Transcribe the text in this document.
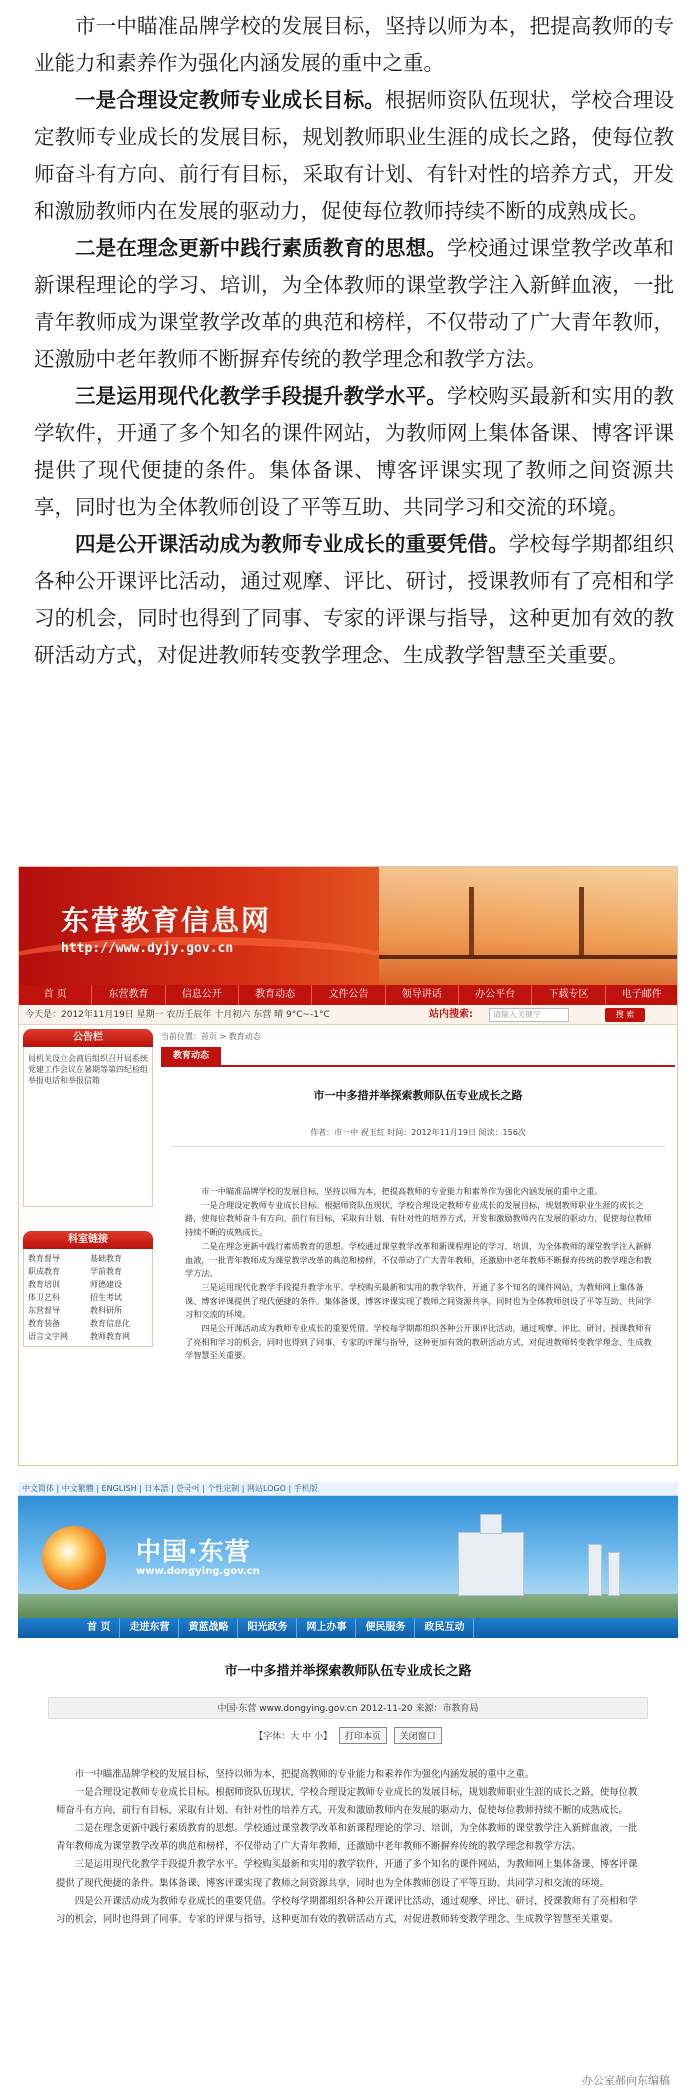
市一中瞄准品牌学校的发展目标，坚持以师为本，把提高教师的专业能力和素养作为强化内涵发展的重中之重。

一是合理设定教师专业成长目标。根据师资队伍现状，学校合理设定教师专业成长的发展目标，规划教师职业生涯的成长之路，使每位教师奋斗有方向、前行有目标，采取有计划、有针对性的培养方式，开发和激励教师内在发展的驱动力，促使每位教师持续不断的成熟成长。

二是在理念更新中践行素质教育的思想。学校通过课堂教学改革和新课程理论的学习、培训，为全体教师的课堂教学注入新鲜血液，一批青年教师成为课堂教学改革的典范和榜样，不仅带动了广大青年教师，还激励中老年教师不断摒弃传统的教学理念和教学方法。

三是运用现代化教学手段提升教学水平。学校购买最新和实用的教学软件，开通了多个知名的课件网站，为教师网上集体备课、博客评课提供了现代便捷的条件。集体备课、博客评课实现了教师之间资源共享，同时也为全体教师创设了平等互助、共同学习和交流的环境。

四是公开课活动成为教师专业成长的重要凭借。学校每学期都组织各种公开课评比活动，通过观摩、评比、研讨，授课教师有了亮相和学习的机会，同时也得到了同事、专家的评课与指导，这种更加有效的教研活动方式，对促进教师转变教学理念、生成教学智慧至关重要。

东营教育信息网
http://www.dyjy.gov.cn
首 页	东营教育	信息公开	教育动态	文件公告	领导讲话	办公平台	下载专区	电子邮件
今天是：2012年11月19日 星期一 农历壬辰年 十月初六 东营 晴 9°C~-1°C	站内搜索:	请输入关键字	搜 索
公告栏
局机关设立会商后组织召开局系统党建工作会议在暑期等第四纪检组举报电话和举报信箱
科室链接
教育督导	基础教育
职成教育	学前教育
教育培训	师德建设
体卫艺科	招生考试
东营督导	教科研所
教育装备	教育信息化
语言文字网	教师教育网
当前位置：首页 > 教育动态
教育动态
市一中多措并举探索教师队伍专业成长之路
作者：市一中 祝玉红 时间：2012年11月19日 阅读：156次

市一中瞄准品牌学校的发展目标，坚持以师为本，把提高教师的专业能力和素养作为强化内涵发展的重中之重。

一是合理设定教师专业成长目标。根据师资队伍现状，学校合理设定教师专业成长的发展目标，规划教师职业生涯的成长之路，使每位教师奋斗有方向、前行有目标，采取有计划、有针对性的培养方式，开发和激励教师内在发展的驱动力，促使每位教师持续不断的成熟成长。

二是在理念更新中践行素质教育的思想。学校通过课堂教学改革和新课程理论的学习、培训，为全体教师的课堂教学注入新鲜血液，一批青年教师成为课堂教学改革的典范和榜样，不仅带动了广大青年教师，还激励中老年教师不断摒弃传统的教学理念和教学方法。

三是运用现代化教学手段提升教学水平。学校购买最新和实用的教学软件，开通了多个知名的课件网站，为教师网上集体备课、博客评课提供了现代便捷的条件。集体备课、博客评课实现了教师之间资源共享，同时也为全体教师创设了平等互助、共同学习和交流的环境。

四是公开课活动成为教师专业成长的重要凭借。学校每学期都组织各种公开课评比活动，通过观摩、评比、研讨，授课教师有了亮相和学习的机会，同时也得到了同事、专家的评课与指导，这种更加有效的教研活动方式，对促进教师转变教学理念、生成教学智慧至关重要。

中文简体 | 中文繁體 | ENGLISH | 日本語 | 한국어 | 个性定制 | 网站LOGO | 手机版
中国·东营
www.dongying.gov.cn
首 页	走进东营	黄蓝战略	阳光政务	网上办事	便民服务	政民互动
市一中多措并举探索教师队伍专业成长之路
中国·东营 www.dongying.gov.cn 2012-11-20 来源：市教育局
【字体：大 中 小】 打印本页 关闭窗口

市一中瞄准品牌学校的发展目标，坚持以师为本，把提高教师的专业能力和素养作为强化内涵发展的重中之重。

一是合理设定教师专业成长目标。根据师资队伍现状，学校合理设定教师专业成长的发展目标，规划教师职业生涯的成长之路，使每位教师奋斗有方向、前行有目标，采取有计划、有针对性的培养方式，开发和激励教师内在发展的驱动力，促使每位教师持续不断的成熟成长。

二是在理念更新中践行素质教育的思想。学校通过课堂教学改革和新课程理论的学习、培训，为全体教师的课堂教学注入新鲜血液，一批青年教师成为课堂教学改革的典范和榜样，不仅带动了广大青年教师，还激励中老年教师不断摒弃传统的教学理念和教学方法。

三是运用现代化教学手段提升教学水平。学校购买最新和实用的教学软件，开通了多个知名的课件网站，为教师网上集体备课、博客评课提供了现代便捷的条件。集体备课、博客评课实现了教师之间资源共享，同时也为全体教师创设了平等互助、共同学习和交流的环境。

四是公开课活动成为教师专业成长的重要凭借。学校每学期都组织各种公开课评比活动，通过观摩、评比、研讨，授课教师有了亮相和学习的机会，同时也得到了同事、专家的评课与指导，这种更加有效的教研活动方式，对促进教师转变教学理念、生成教学智慧至关重要。

办公室郝向东编稿
